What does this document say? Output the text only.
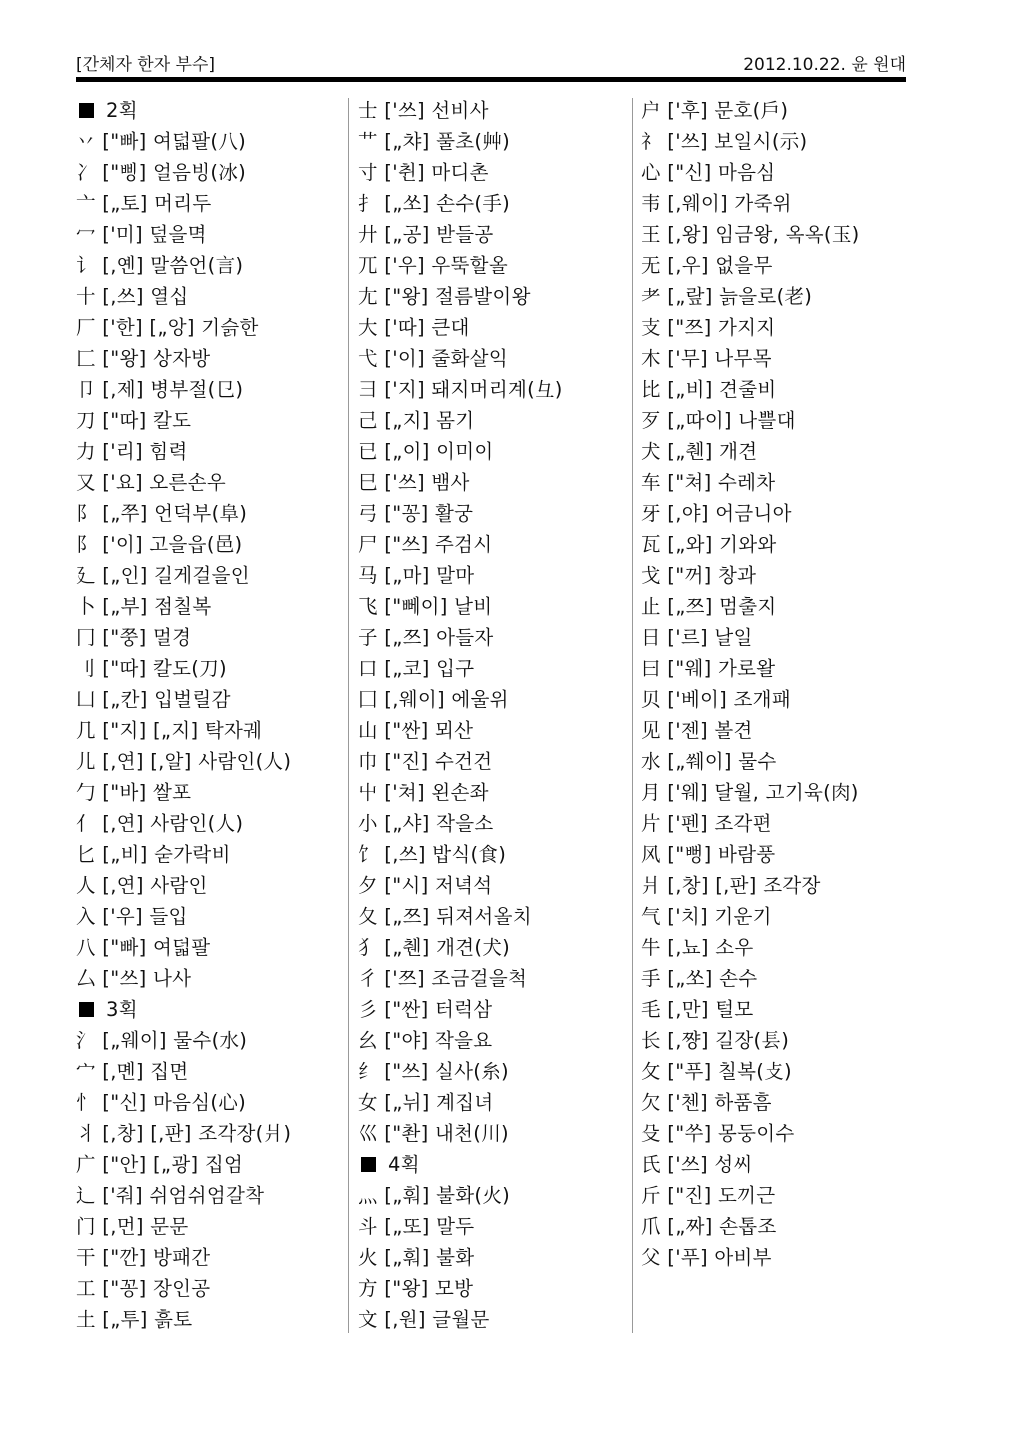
[간체자 한자 부수]	2012.10.22. 윤 원대
2획
丷 ["빠] 여덟팔(八)
冫 ["삥] 얼음빙(冰)
亠 [„토] 머리두
冖 ['미] 덮을멱
讠 [,옌] 말씀언(言)
十 [,쓰] 열십
厂 ['한] [„앙] 기슭한
匚 ["왕] 상자방
卩 [,제] 병부절(㔾)
刀 ["따] 칼도
力 ['리] 힘력
又 ['요] 오른손우
阝 [„쭈] 언덕부(阜)
阝 ['이] 고을읍(邑)
廴 [„인] 길게걸을인
卜 [„부] 점칠복
冂 ["쭝] 멀경
刂 ["따] 칼도(刀)
凵 [„칸] 입벌릴감
几 ["지] [„지] 탁자궤
儿 [,연] [,알] 사람인(人)
勹 ["바] 쌀포
亻 [,연] 사람인(人)
匕 [„비] 숟가락비
人 [,연] 사람인
入 ['우] 들입
八 ["빠] 여덟팔
厶 ["쓰] 나사
3획
氵 [„웨이] 물수(水)
宀 [,몐] 집면
忄 ["신] 마음심(心)
丬 [,창] [,판] 조각장(爿)
广 ["안] [„광] 집엄
辶 ['줘] 쉬엄쉬엄갈착
门 [,먼] 문문
干 ["깐] 방패간
工 ["꽁] 장인공
土 [„투] 흙토
士 ['쓰] 선비사
艹 [„챠] 풀초(艸)
寸 ['췬] 마디촌
扌 [„쏘] 손수(手)
廾 [„공] 받들공
兀 ['우] 우뚝할올
尢 ["왕] 절름발이왕
大 ['따] 큰대
弋 ['이] 줄화살익
彐 ['지] 돼지머리계(彑)
己 [„지] 몸기
已 [„이] 이미이
巳 ['쓰] 뱀사
弓 ["꽁] 활궁
尸 ["쓰] 주검시
马 [„마] 말마
飞 ["뻬이] 날비
子 [„쯔] 아들자
口 [„코] 입구
囗 [,웨이] 에울위
山 ["싼] 뫼산
巾 ["진] 수건건
屮 ['쳐] 왼손좌
小 [„샤] 작을소
饣 [,쓰] 밥식(食)
夕 ["시] 저녁석
夂 [„쯔] 뒤져서올치
犭 [„췐] 개견(犬)
彳 ['쯔] 조금걸을척
彡 ["싼] 터럭삼
幺 ["야] 작을요
纟 ["쓰] 실사(糸)
女 [„뉘] 계집녀
巛 ["촨] 내천(川)
4획
灬 [„훠] 불화(火)
斗 [„또] 말두
火 [„훠] 불화
方 ["왕] 모방
文 [,원] 글월문
户 ['후] 문호(戶)
礻 ['쓰] 보일시(示)
心 ["신] 마음심
韦 [,웨이] 가죽위
王 [,왕] 임금왕, 옥옥(玉)
无 [,우] 없을무
耂 [„랖] 늙을로(老)
支 ["쯔] 가지지
木 ['무] 나무목
比 [„비] 견줄비
歹 [„따이] 나쁠대
犬 [„췐] 개견
车 ["쳐] 수레차
牙 [,야] 어금니아
瓦 [„와] 기와와
戈 ["꺼] 창과
止 [„쯔] 멈출지
日 ['르] 날일
曰 ["웨] 가로왈
贝 ['베이] 조개패
见 ['젠] 볼견
水 [„쒜이] 물수
月 ['웨] 달월, 고기육(肉)
片 ['펜] 조각편
风 ["뻥] 바람풍
爿 [,창] [,판] 조각장
气 ['치] 기운기
牛 [,뇨] 소우
手 [„쏘] 손수
毛 [,만] 털모
长 [,쨩] 길장(镸)
攵 ["푸] 칠복(攴)
欠 ['첸] 하품흠
殳 ["쑤] 몽둥이수
氏 ['쓰] 성씨
斤 ["진] 도끼근
爪 [„짜] 손톱조
父 ['푸] 아비부
